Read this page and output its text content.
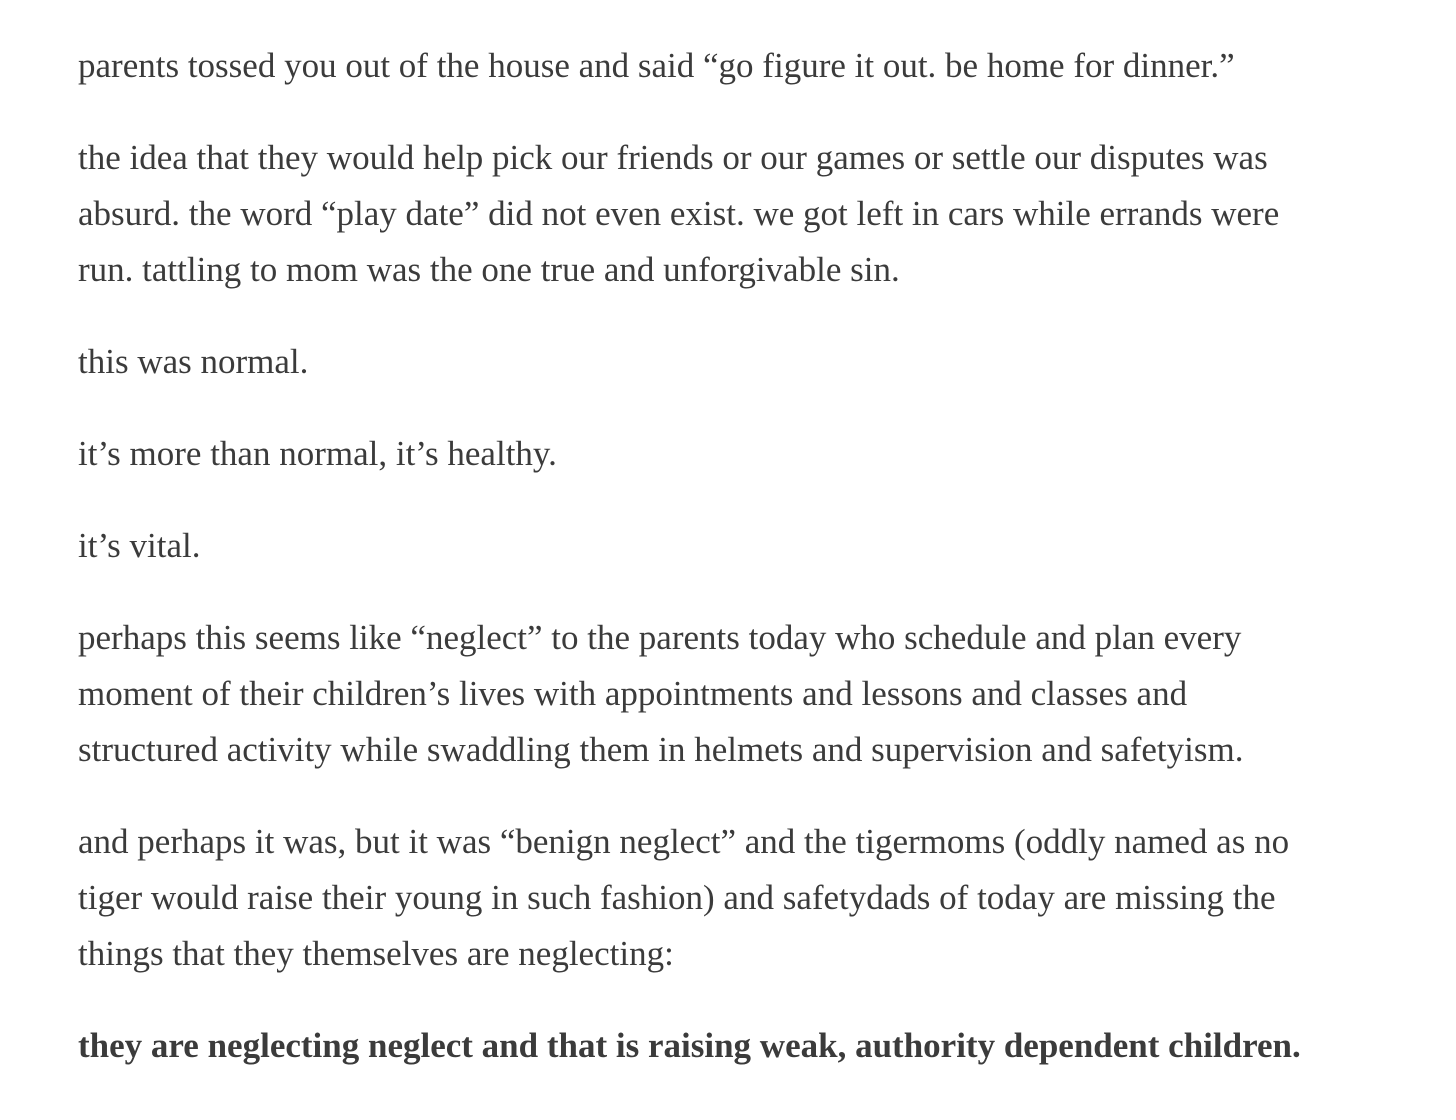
parents tossed you out of the house and said “go figure it out. be home for dinner.”

the idea that they would help pick our friends or our games or settle our disputes was
absurd. the word “play date” did not even exist. we got left in cars while errands were
run. tattling to mom was the one true and unforgivable sin.

this was normal.

it’s more than normal, it’s healthy.

it’s vital.

perhaps this seems like “neglect” to the parents today who schedule and plan every
moment of their children’s lives with appointments and lessons and classes and
structured activity while swaddling them in helmets and supervision and safetyism.

and perhaps it was, but it was “benign neglect” and the tigermoms (oddly named as no
tiger would raise their young in such fashion) and safetydads of today are missing the
things that they themselves are neglecting:

they are neglecting neglect and that is raising weak, authority dependent children.
